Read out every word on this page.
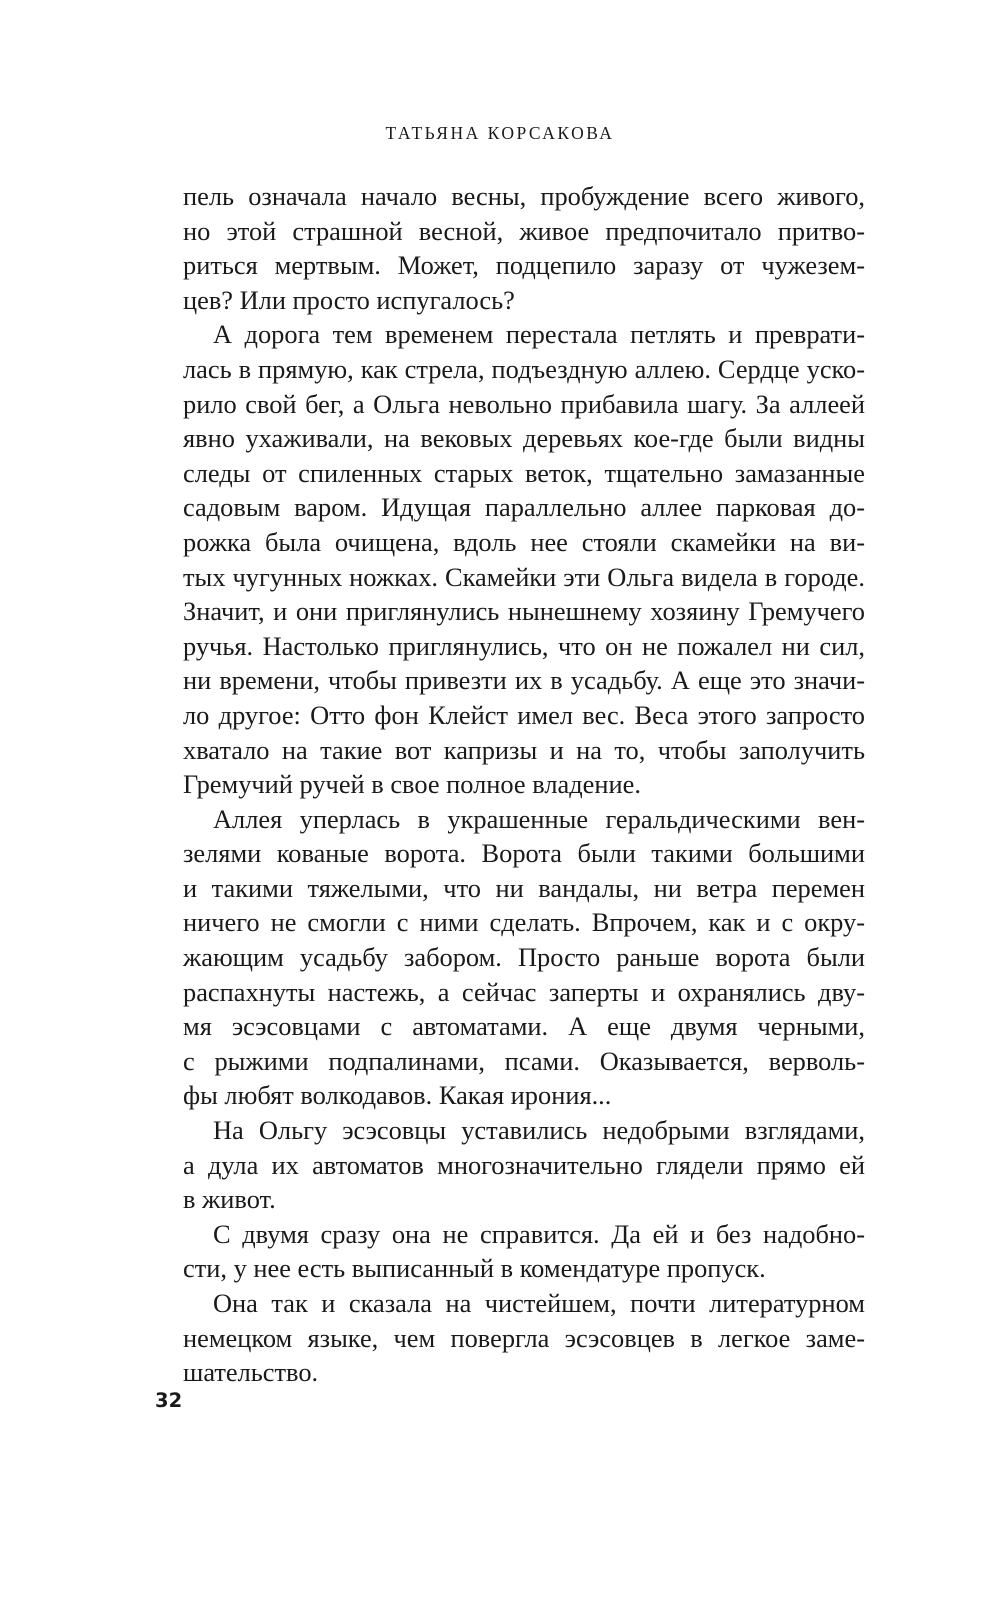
ТАТЬЯНА КОРСАКОВА
пель означала начало весны, пробуждение всего живого,
но этой страшной весной, живое предпочитало притво-
риться мертвым. Может, подцепило заразу от чужезем-
цев? Или просто испугалось?
А дорога тем временем перестала петлять и преврати-
лась в прямую, как стрела, подъездную аллею. Сердце уско-
рило свой бег, а Ольга невольно прибавила шагу. За аллеей
явно ухаживали, на вековых деревьях кое-где были видны
следы от спиленных старых веток, тщательно замазанные
садовым варом. Идущая параллельно аллее парковая до-
рожка была очищена, вдоль нее стояли скамейки на ви-
тых чугунных ножках. Скамейки эти Ольга видела в городе.
Значит, и они приглянулись нынешнему хозяину Гремучего
ручья. Настолько приглянулись, что он не пожалел ни сил,
ни времени, чтобы привезти их в усадьбу. А еще это значи-
ло другое: Отто фон Клейст имел вес. Веса этого запросто
хватало на такие вот капризы и на то, чтобы заполучить
Гремучий ручей в свое полное владение.
Аллея уперлась в украшенные геральдическими вен-
зелями кованые ворота. Ворота были такими большими
и такими тяжелыми, что ни вандалы, ни ветра перемен
ничего не смогли с ними сделать. Впрочем, как и с окру-
жающим усадьбу забором. Просто раньше ворота были
распахнуты настежь, а сейчас заперты и охранялись дву-
мя эсэсовцами с автоматами. А еще двумя черными,
с рыжими подпалинами, псами. Оказывается, верволь-
фы любят волкодавов. Какая ирония...
На Ольгу эсэсовцы уставились недобрыми взглядами,
а дула их автоматов многозначительно глядели прямо ей
в живот.
С двумя сразу она не справится. Да ей и без надобно-
сти, у нее есть выписанный в комендатуре пропуск.
Она так и сказала на чистейшем, почти литературном
немецком языке, чем повергла эсэсовцев в легкое заме-
шательство.
32
